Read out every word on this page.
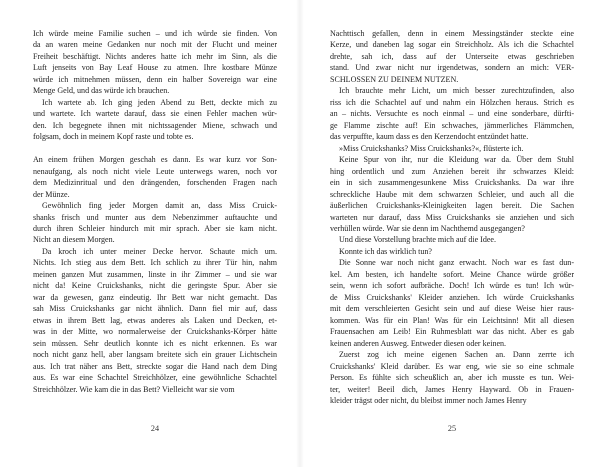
Ich würde meine Familie suchen – und ich würde sie finden. Von
da an waren meine Gedanken nur noch mit der Flucht und meiner
Freiheit beschäftigt. Nichts anderes hatte ich mehr im Sinn, als die
Luft jenseits von Bay Leaf House zu atmen. Ihre kostbare Münze
würde ich mitnehmen müssen, denn ein halber Sovereign war eine
Menge Geld, und das würde ich brauchen.
Ich wartete ab. Ich ging jeden Abend zu Bett, deckte mich zu
und wartete. Ich wartete darauf, dass sie einen Fehler machen wür-
den. Ich begegnete ihnen mit nichtssagender Miene, schwach und
folgsam, doch in meinem Kopf raste und tobte es.
An einem frühen Morgen geschah es dann. Es war kurz vor Son-
nenaufgang, als noch nicht viele Leute unterwegs waren, noch vor
dem Medizinritual und den drängenden, forschenden Fragen nach
der Münze.
Gewöhnlich fing jeder Morgen damit an, dass Miss Cruick-
shanks frisch und munter aus dem Nebenzimmer auftauchte und
durch ihren Schleier hindurch mit mir sprach. Aber sie kam nicht.
Nicht an diesem Morgen.
Da kroch ich unter meiner Decke hervor. Schaute mich um.
Nichts. Ich stieg aus dem Bett. Ich schlich zu ihrer Tür hin, nahm
meinen ganzen Mut zusammen, linste in ihr Zimmer – und sie war
nicht da! Keine Cruickshanks, nicht die geringste Spur. Aber sie
war da gewesen, ganz eindeutig. Ihr Bett war nicht gemacht. Das
sah Miss Cruickshanks gar nicht ähnlich. Dann fiel mir auf, dass
etwas in ihrem Bett lag, etwas anderes als Laken und Decken, et-
was in der Mitte, wo normalerweise der Cruickshanks-Körper hätte
sein müssen. Sehr deutlich konnte ich es nicht erkennen. Es war
noch nicht ganz hell, aber langsam breitete sich ein grauer Lichtschein
aus. Ich trat näher ans Bett, streckte sogar die Hand nach dem Ding
aus. Es war eine Schachtel Streichhölzer, eine gewöhnliche Schachtel
Streichhölzer. Wie kam die in das Bett? Vielleicht war sie vom
Nachttisch gefallen, denn in einem Messingständer steckte eine
Kerze, und daneben lag sogar ein Streichholz. Als ich die Schachtel
drehte, sah ich, dass auf der Unterseite etwas geschrieben
stand. Und zwar nicht nur irgendetwas, sondern an mich: VER-
SCHLOSSEN ZU DEINEM NUTZEN.
Ich brauchte mehr Licht, um mich besser zurechtzufinden, also
riss ich die Schachtel auf und nahm ein Hölzchen heraus. Strich es
an – nichts. Versuchte es noch einmal – und eine sonderbare, dürfti-
ge Flamme zischte auf! Ein schwaches, jämmerliches Flämmchen,
das verpuffte, kaum dass es den Kerzendocht entzündet hatte.
»Miss Cruickshanks? Miss Cruickshanks?«, flüsterte ich.
Keine Spur von ihr, nur die Kleidung war da. Über dem Stuhl
hing ordentlich und zum Anziehen bereit ihr schwarzes Kleid:
ein in sich zusammengesunkene Miss Cruickshanks. Da war ihre
schreckliche Haube mit dem schwarzen Schleier, und auch all die
äußerlichen Cruickshanks-Kleinigkeiten lagen bereit. Die Sachen
warteten nur darauf, dass Miss Cruickshanks sie anziehen und sich
verhüllen würde. War sie denn im Nachthemd ausgegangen?
Und diese Vorstellung brachte mich auf die Idee.
Konnte ich das wirklich tun?
Die Sonne war noch nicht ganz erwacht. Noch war es fast dun-
kel. Am besten, ich handelte sofort. Meine Chance würde größer
sein, wenn ich sofort aufbräche. Doch! Ich würde es tun! Ich wür-
de Miss Cruickshanks' Kleider anziehen. Ich würde Cruickshanks
mit dem verschleierten Gesicht sein und auf diese Weise hier raus-
kommen. Was für ein Plan! Was für ein Leichtsinn! Mit all diesen
Frauensachen am Leib! Ein Ruhmesblatt war das nicht. Aber es gab
keinen anderen Ausweg. Entweder diesen oder keinen.
Zuerst zog ich meine eigenen Sachen an. Dann zerrte ich
Cruickshanks' Kleid darüber. Es war eng, wie sie so eine schmale
Person. Es fühlte sich scheußlich an, aber ich musste es tun. Wei-
ter, weiter! Beeil dich, James Henry Hayward. Ob in Frauen-
kleider trägst oder nicht, du bleibst immer noch James Henry
24	25
